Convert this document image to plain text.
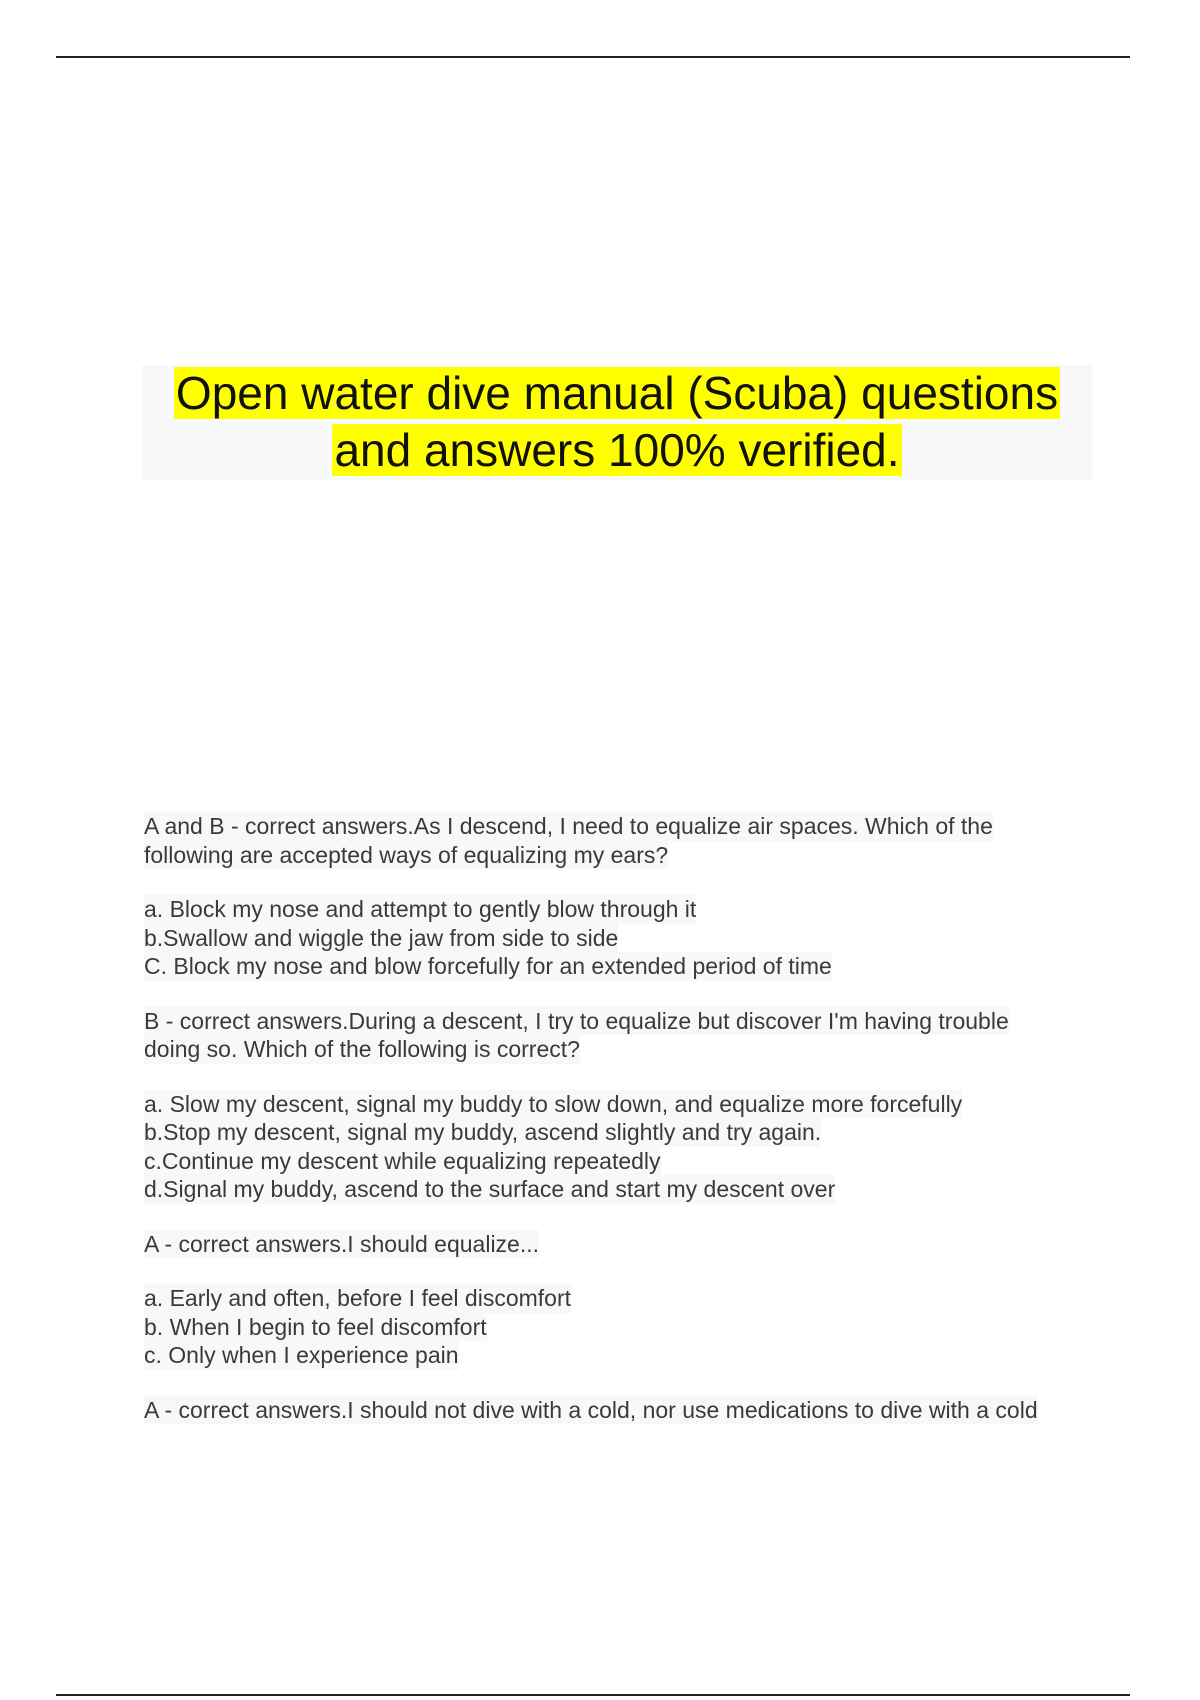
Open water dive manual (Scuba) questions
and answers 100% verified.
A and B - correct answers.As I descend, I need to equalize air spaces. Which of the
following are accepted ways of equalizing my ears?
a. Block my nose and attempt to gently blow through it
b.Swallow and wiggle the jaw from side to side
C. Block my nose and blow forcefully for an extended period of time
B - correct answers.During a descent, I try to equalize but discover I'm having trouble
doing so. Which of the following is correct?
a. Slow my descent, signal my buddy to slow down, and equalize more forcefully
b.Stop my descent, signal my buddy, ascend slightly and try again.
c.Continue my descent while equalizing repeatedly
d.Signal my buddy, ascend to the surface and start my descent over
A - correct answers.I should equalize...
a. Early and often, before I feel discomfort
b. When I begin to feel discomfort
c. Only when I experience pain
A - correct answers.I should not dive with a cold, nor use medications to dive with a cold
